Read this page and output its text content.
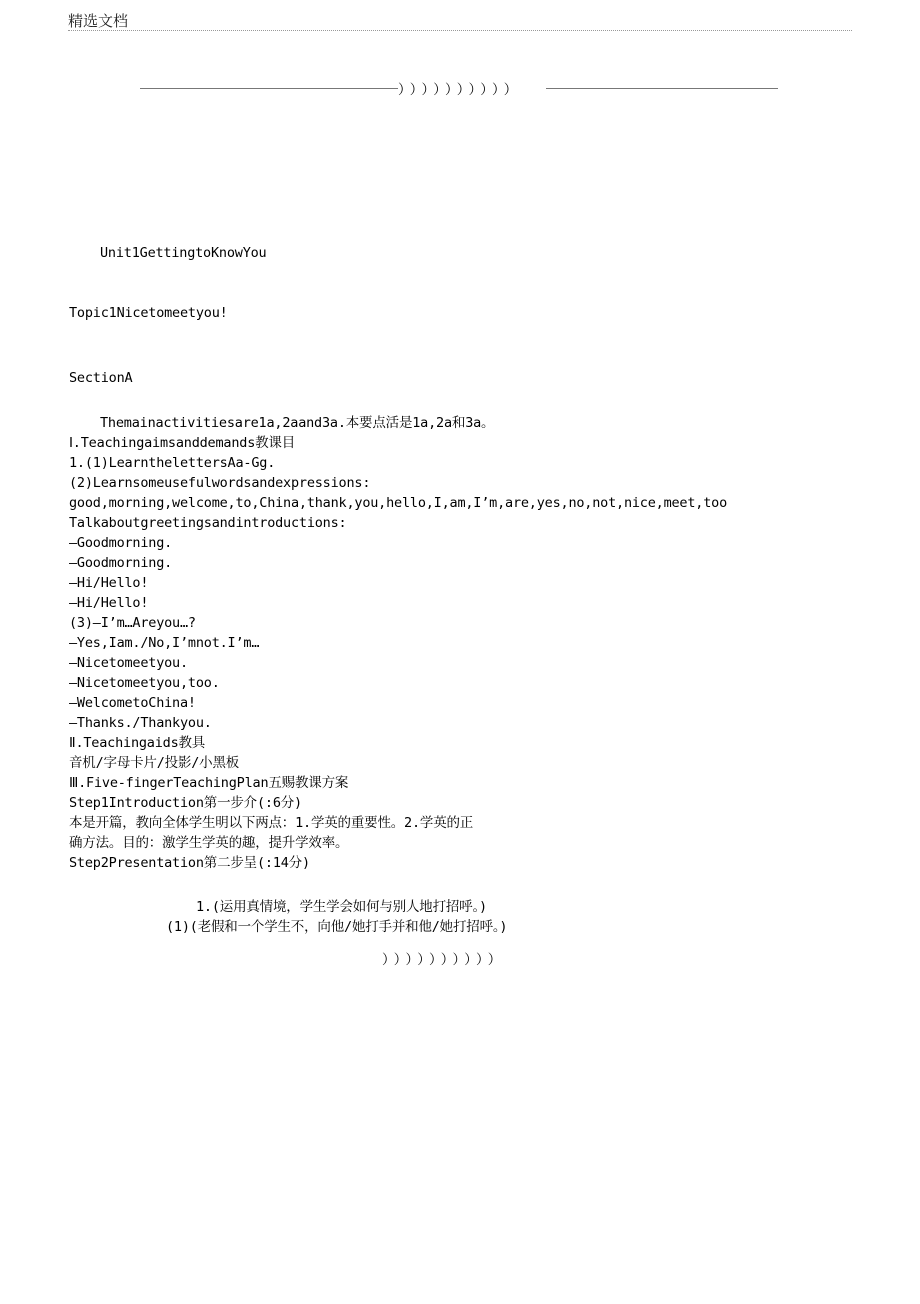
精选文档
））））））））））
Unit1GettingtoKnowYou
Topic1Nicetomeetyou!
SectionA
Themainactivitiesare1a,2aand3a.本要点活是1a,2a和3a。
Ⅰ.Teachingaimsanddemands教课目
1.(1)LearnthelettersAa-Gg.
(2)Learnsomeusefulwordsandexpressions:
good,morning,welcome,to,China,thank,you,hello,I,am,I’m,are,yes,no,not,nice,meet,too
Talkaboutgreetingsandintroductions:
—Goodmorning.
—Goodmorning.
—Hi/Hello!
—Hi/Hello!
(3)—I’m…Areyou…?
—Yes,Iam./No,I’mnot.I’m…
—Nicetomeetyou.
—Nicetomeetyou,too.
—WelcometoChina!
—Thanks./Thankyou.
Ⅱ.Teachingaids教具
音机/字母卡片/投影/小黑板
Ⅲ.Five-fingerTeachingPlan五赐教课方案
Step1Introduction第一步介(:6分)
本是开篇，教向全体学生明以下两点：1.学英的重要性。2.学英的正
确方法。目的：激学生学英的趣，提升学效率。
Step2Presentation第二步呈(:14分)
1.(运用真情境，学生学会如何与别人地打招呼。)
(1)(老假和一个学生不，向他/她打手并和他/她打招呼。)
））））））））））
